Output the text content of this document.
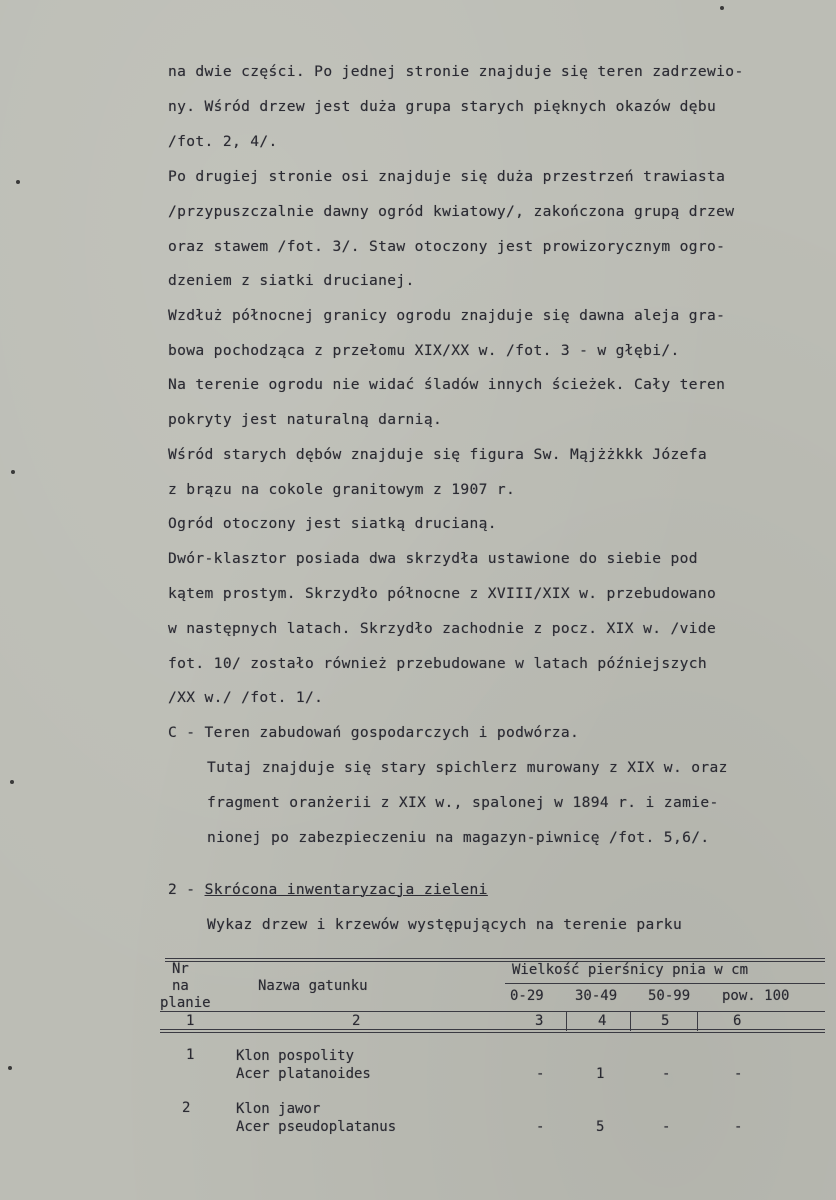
na dwie części. Po jednej stronie znajduje się teren zadrzewio-
ny. Wśród drzew jest duża grupa starych pięknych okazów dębu
/fot. 2, 4/.
Po drugiej stronie osi znajduje się duża przestrzeń trawiasta
/przypuszczalnie dawny ogród kwiatowy/, zakończona grupą drzew
oraz stawem /fot. 3/. Staw otoczony jest prowizorycznym ogro-
dzeniem z siatki drucianej.
Wzdłuż północnej granicy ogrodu znajduje się dawna aleja gra-
bowa pochodząca z przełomu XIX/XX w. /fot. 3 - w głębi/.
Na terenie ogrodu nie widać śladów innych ścieżek. Cały teren
pokryty jest naturalną darnią.
Wśród starych dębów znajduje się figura Sw. Mąjżżkkk Józefa
z brązu na cokole granitowym z 1907 r.
Ogród otoczony jest siatką drucianą.
Dwór-klasztor posiada dwa skrzydła ustawione do siebie pod
kątem prostym. Skrzydło północne z XVIII/XIX w. przebudowano
w następnych latach. Skrzydło zachodnie z pocz. XIX w. /vide
fot. 10/ zostało również przebudowane w latach późniejszych
/XX w./ /fot. 1/.
C - Teren zabudowań gospodarczych i podwórza.
Tutaj znajduje się stary spichlerz murowany z XIX w. oraz
fragment oranżerii z XIX w., spalonej w 1894 r. i zamie-
nionej po zabezpieczeniu na magazyn-piwnicę /fot. 5,6/.
2 - Skrócona inwentaryzacja zieleni
Wykaz drzew i krzewów występujących na terenie parku
Nr
na
planie
Nazwa gatunku
Wielkość pierśnicy pnia w cm
0-29 30-49 50-99 pow. 100
1	2	3	4	5	6
1	Klon pospolity
Acer platanoides	-	1	-	-
2	Klon jawor
Acer pseudoplatanus	-	5	-	-
